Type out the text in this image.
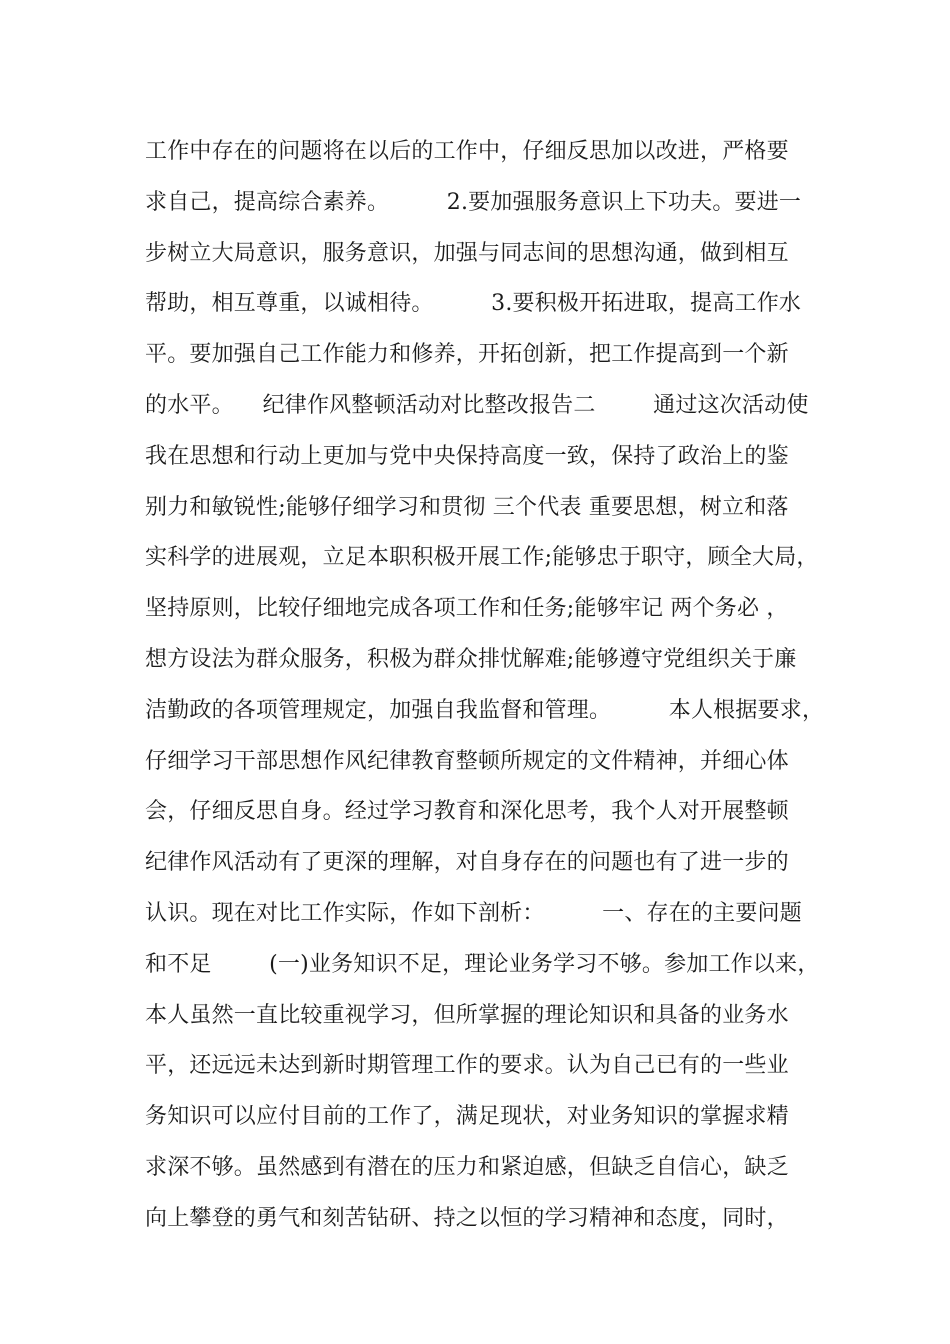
工作中存在的问题将在以后的工作中，仔细反思加以改进，严格要
求自己，提高综合素养。        2.要加强服务意识上下功夫。要进一
步树立大局意识，服务意识，加强与同志间的思想沟通，做到相互
帮助，相互尊重，以诚相待。        3.要积极开拓进取，提高工作水
平。要加强自己工作能力和修养，开拓创新，把工作提高到一个新
的水平。    纪律作风整顿活动对比整改报告二        通过这次活动使
我在思想和行动上更加与党中央保持高度一致，保持了政治上的鉴
别力和敏锐性;能够仔细学习和贯彻 三个代表 重要思想，树立和落
实科学的进展观，立足本职积极开展工作;能够忠于职守，顾全大局，
坚持原则，比较仔细地完成各项工作和任务;能够牢记 两个务必 ，
想方设法为群众服务，积极为群众排忧解难;能够遵守党组织关于廉
洁勤政的各项管理规定，加强自我监督和管理。        本人根据要求，
仔细学习干部思想作风纪律教育整顿所规定的文件精神，并细心体
会，仔细反思自身。经过学习教育和深化思考，我个人对开展整顿
纪律作风活动有了更深的理解，对自身存在的问题也有了进一步的
认识。现在对比工作实际，作如下剖析：        一、存在的主要问题
和不足        (一)业务知识不足，理论业务学习不够。参加工作以来，
本人虽然一直比较重视学习，但所掌握的理论知识和具备的业务水
平，还远远未达到新时期管理工作的要求。认为自己已有的一些业
务知识可以应付目前的工作了，满足现状，对业务知识的掌握求精
求深不够。虽然感到有潜在的压力和紧迫感，但缺乏自信心，缺乏
向上攀登的勇气和刻苦钻研、持之以恒的学习精神和态度，同时，
